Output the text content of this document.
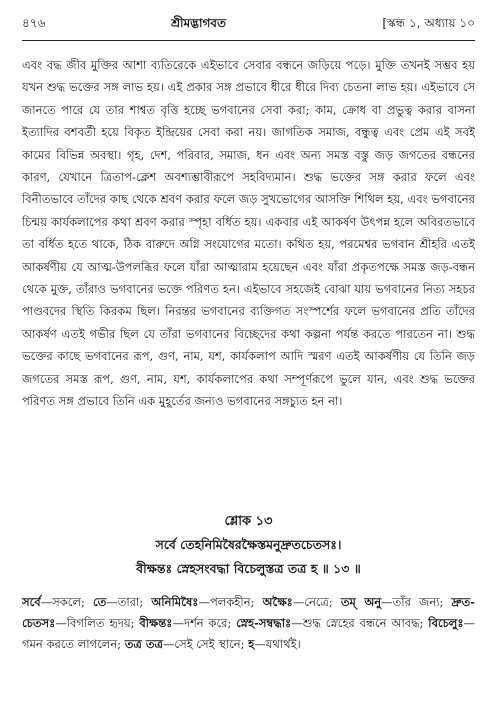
৪৭৬	শ্রীমদ্ভাগবত	[স্কন্ধ ১, অধ্যায় ১০

এবং বদ্ধ জীব মুক্তির আশা ব্যতিরেকে এইভাবে সেবার বন্ধনে জড়িয়ে পড়ে। মুক্তি তখনই সম্ভব হয় যখন শুদ্ধ ভক্তের সঙ্গ লাভ হয়। এই প্রকার সঙ্গ প্রভাবে ধীরে ধীরে দিব্য চেতনা লাভ হয়। এইভাবে সে জানতে পারে যে তার শাশ্বত বৃত্তি হচ্ছে ভগবানের সেবা করা; কাম, ক্রোধ বা প্রভুত্ব করার বাসনা ইত্যাদির বশবর্তী হয়ে বিকৃত ইন্দ্রিয়ের সেবা করা নয়। জাগতিক সমাজ, বন্ধুত্ব এবং প্রেম এই সবই কামের বিভিন্ন অবস্থা। গৃহ, দেশ, পরিবার, সমাজ, ধন এবং অন্য সমস্ত বস্তু জড় জগতের বন্ধনের কারণ, যেখানে ত্রিতাপ-ক্লেশ অবশ্যম্ভাবীরূপে সহবিদ্যমান। শুদ্ধ ভক্তের সঙ্গ করার ফলে এবং বিনীতভাবে তাঁদের কাছ থেকে শ্রবণ করার ফলে জড় সুখভোগের আসক্তি শিথিল হয়, এবং ভগবানের চিন্ময় কার্যকলাপের কথা শ্রবণ করার স্পৃহা বর্ধিত হয়। একবার এই আকর্ষণ উৎপন্ন হলে অবিরতভাবে তা বর্ধিত হতে থাকে, ঠিক বারুদে অগ্নি সংযোগের মতো। কথিত হয়, পরমেশ্বর ভগবান শ্রীহরি এতই আকর্ষণীয় যে আত্ম-উপলব্ধির ফলে যাঁরা আত্মারাম হয়েছেন এবং যাঁরা প্রকৃতপক্ষে সমস্ত জড়-বন্ধন থেকে মুক্ত, তাঁরাও ভগবানের ভক্তে পরিণত হন। এইভাবে সহজেই বোঝা যায় ভগবানের নিত্য সহচর পাণ্ডবদের স্থিতি কিরকম ছিল। নিরন্তর ভগবানের ব্যক্তিগত সংস্পর্শের ফলে ভগবানের প্রতি তাঁদের আকর্ষণ এতই গভীর ছিল যে তাঁরা ভগবানের বিচ্ছেদের কথা কল্পনা পর্যন্ত করতে পারতেন না। শুদ্ধ ভক্তের কাছে ভগবানের রূপ, গুণ, নাম, যশ, কার্যকলাপ আদি স্মরণ এতই আকর্ষণীয় যে তিনি জড় জগতের সমস্ত রূপ, গুণ, নাম, যশ, কার্যকলাপের কথা সম্পূর্ণরূপে ভুলে যান, এবং শুদ্ধ ভক্তের পরিণত সঙ্গ প্রভাবে তিনি এক মুহূর্তের জন্যও ভগবানের সঙ্গচ্যুত হন না।

শ্লোক ১৩
সর্বে তেহনিমিষৈরক্ষৈস্তমনুদ্রুতচেতসঃ।
বীক্ষন্তঃ স্নেহসংবদ্ধা বিচেলুস্তত্র তত্র হ ॥ ১৩ ॥

সর্বে—সকলে; তে—তারা; অনিমিষৈঃ—পলকহীন; অক্ষৈঃ—নেত্রে; তম্ অনু—তাঁর জন্য; দ্রুত-চেতসঃ—বিগলিত হৃদয়; বীক্ষন্তঃ—দর্শন করে; স্নেহ-সম্বদ্ধাঃ—শুদ্ধ স্নেহের বন্ধনে আবদ্ধ; বিচেলুঃ—গমন করতে লাগলেন; তত্র তত্র—সেই সেই স্থানে; হ—যথার্থই।
